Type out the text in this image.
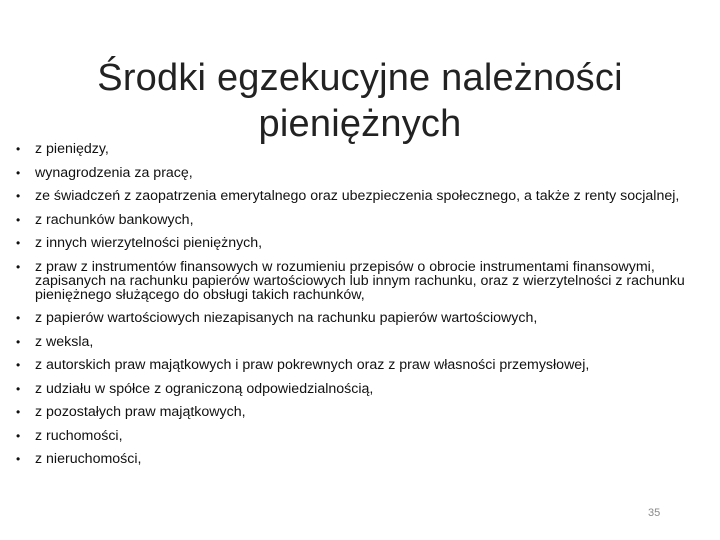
Środki egzekucyjne należności pieniężnych
• z pieniędzy,
• wynagrodzenia za pracę,
• ze świadczeń z zaopatrzenia emerytalnego oraz ubezpieczenia społecznego, a także z renty socjalnej,
• z rachunków bankowych,
• z innych wierzytelności pieniężnych,
• z praw z instrumentów finansowych w rozumieniu przepisów o obrocie instrumentami finansowymi, zapisanych na rachunku papierów wartościowych lub innym rachunku, oraz z wierzytelności z rachunku pieniężnego służącego do obsługi takich rachunków,
• z papierów wartościowych niezapisanych na rachunku papierów wartościowych,
• z weksla,
• z autorskich praw majątkowych i praw pokrewnych oraz z praw własności przemysłowej,
• z udziału w spółce z ograniczoną odpowiedzialnością,
• z pozostałych praw majątkowych,
• z ruchomości,
• z nieruchomości,
35
